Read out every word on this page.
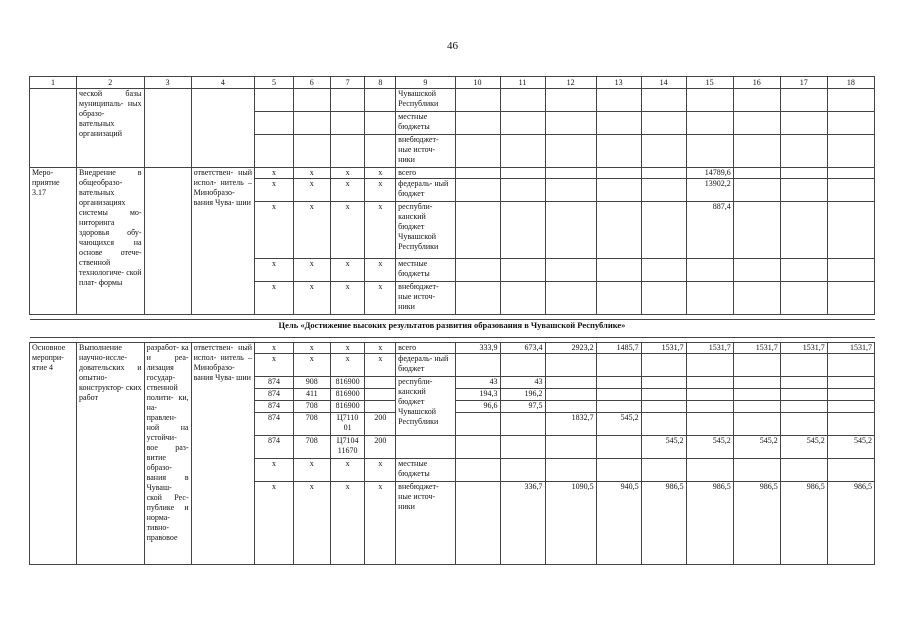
46
1	2	3	4	5	6	7	8	9	10	11	12	13	14	15	16	17	18
	ческой базы муниципаль- ных образо- вательных организаций							Чувашской Республики									
								местные бюджеты									
								внебюджет- ные источ- ники									
Меро- приятие 3.17	Внедрение в общеобразо- вательных организациях системы мо- ниторинга здоровья обу- чающихся на основе отече- ственной технологиче- ской плат- формы		ответствен- ный испол- нитель – Минобразо- вания Чува- шии	x	x	x	x	всего						14789,6			
				x	x	x	x	федераль- ный бюджет						13902,2			
				x	x	x	x	республи- канский бюджет Чувашской Республики						887,4			
				x	x	x	x	местные бюджеты									
				x	x	x	x	внебюджет- ные источ- ники									

Цель «Достижение высоких результатов развития образования в Чувашской Республике»																	

Основное меропри- ятие 4	Выполнение научно-иссле- довательских и опытно- конструктор- ских работ	разработ- ка и реа- лизация государ- ственной полити- ки, на- правлен- ной на устойчи- вое раз- витие образо- вания в Чуваш- ской Рес- публике и норма- тивно- правовое	ответствен- ный испол- нитель – Минобразо- вания Чува- шии	x	x	x	x	всего	333,9	673,4	2923,2	1485,7	1531,7	1531,7	1531,7	1531,7	1531,7
				x	x	x	x	федераль- ный бюджет									
				874	908	816900		республи- канский бюджет Чувашской Республики	43	43							
				874	411	816900			194,3	196,2							
				874	708	816900			96,6	97,5							
				874	708	Ц7110 01	200				1832,7	545,2					
				874	708	Ц7104 11670	200						545,2	545,2	545,2	545,2	545,2
				x	x	x	x	местные бюджеты									
				x	x	x	x	внебюджет- ные источ- ники		336,7	1090,5	940,5	986,5	986,5	986,5	986,5	986,5
